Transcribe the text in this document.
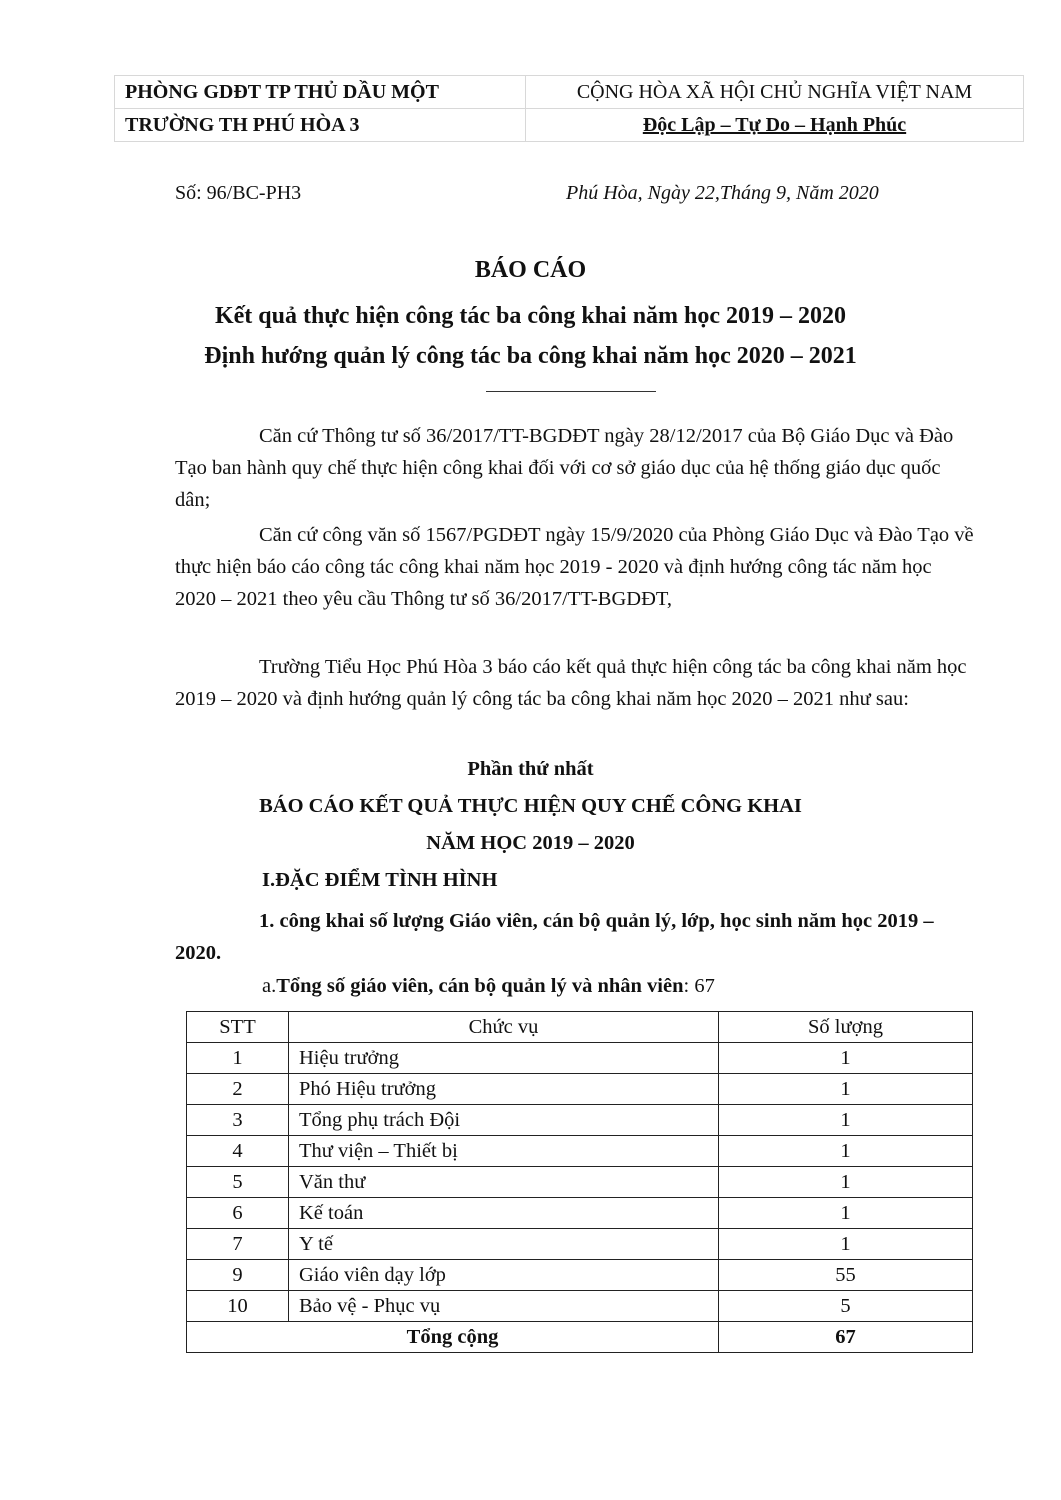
PHÒNG GDĐT TP THỦ DẦU MỘT	CỘNG HÒA XÃ HỘI CHỦ NGHĨA VIỆT NAM
TRƯỜNG TH PHÚ HÒA 3	Độc Lập – Tự Do – Hạnh Phúc
Số: 96/BC-PH3	Phú Hòa, Ngày 22,Tháng 9, Năm 2020
BÁO CÁO
Kết quả thực hiện công tác ba công khai năm học 2019 – 2020
Định hướng quản lý công tác ba công khai năm học 2020 – 2021

Căn cứ Thông tư số 36/2017/TT-BGDĐT ngày 28/12/2017 của Bộ Giáo Dục và Đào Tạo ban hành quy chế thực hiện công khai đối với cơ sở giáo dục của hệ thống giáo dục quốc dân;

Căn cứ công văn số 1567/PGDĐT ngày 15/9/2020 của Phòng Giáo Dục và Đào Tạo về thực hiện báo cáo công tác công khai năm học 2019 - 2020 và định hướng công tác năm học 2020 – 2021 theo yêu cầu Thông tư số 36/2017/TT-BGDĐT,

Trường Tiểu Học Phú Hòa 3 báo cáo kết quả thực hiện công tác ba công khai năm học 2019 – 2020 và định hướng quản lý công tác ba công khai năm học 2020 – 2021 như sau:

Phần thứ nhất
BÁO CÁO KẾT QUẢ THỰC HIỆN QUY CHẾ CÔNG KHAI
NĂM HỌC 2019 – 2020
I.ĐẶC ĐIỂM TÌNH HÌNH

1. công khai số lượng Giáo viên, cán bộ quản lý, lớp, học sinh năm học 2019 – 2020.

a.Tổng số giáo viên, cán bộ quản lý và nhân viên: 67
STT	Chức vụ	Số lượng
1	Hiệu trưởng	1
2	Phó Hiệu trưởng	1
3	Tổng phụ trách Đội	1
4	Thư viện – Thiết bị	1
5	Văn thư	1
6	Kế toán	1
7	Y tế	1
9	Giáo viên dạy lớp	55
10	Bảo vệ - Phục vụ	5
Tổng cộng		67
